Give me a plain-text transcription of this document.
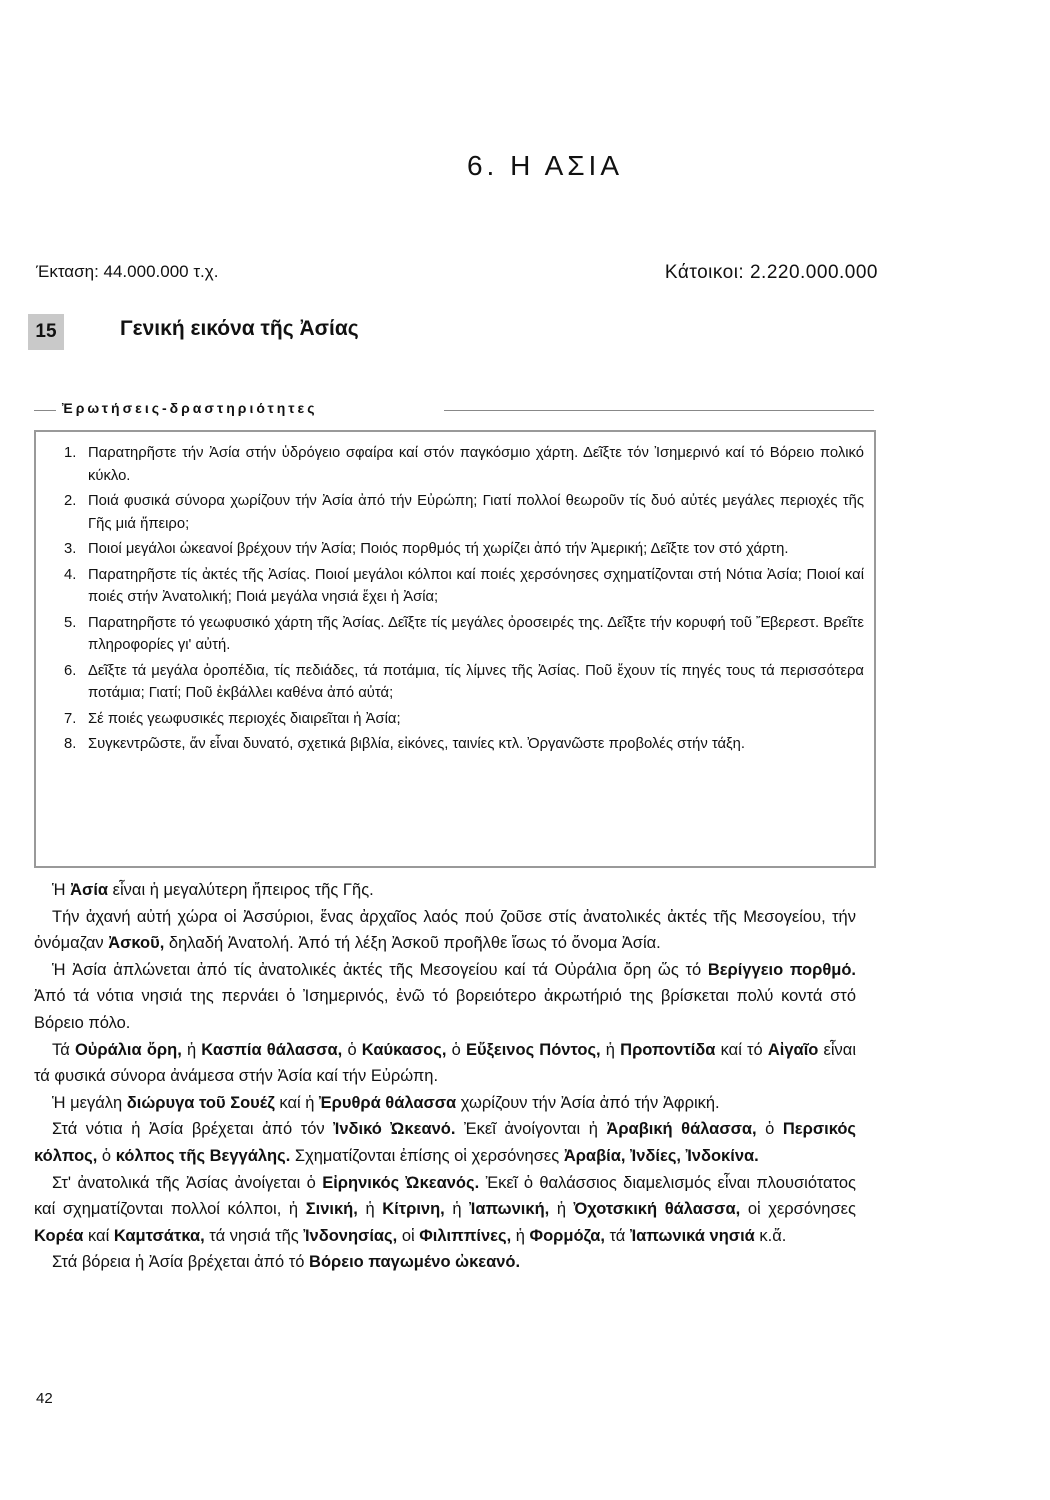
6. Η ΑΣΙΑ
Έκταση: 44.000.000 τ.χ.	Κάτοικοι: 2.220.000.000
15	Γενική εικόνα τῆς Ἀσίας
Ἐρωτήσεις-δραστηριότητες
1. Παρατηρῆστε τήν Ἀσία στήν ὑδρόγειο σφαίρα καί στόν παγκόσμιο χάρτη. Δεῖξτε τόν Ἰσημερινό καί τό Βόρειο πολικό κύκλο.
2. Ποιά φυσικά σύνορα χωρίζουν τήν Ἀσία ἀπό τήν Εὐρώπη; Γιατί πολλοί θεωροῦν τίς δυό αὐτές μεγάλες περιοχές τῆς Γῆς μιά ἤπειρο;
3. Ποιοί μεγάλοι ὠκεανοί βρέχουν τήν Ἀσία; Ποιός πορθμός τή χωρίζει ἀπό τήν Ἀμερική; Δεῖξτε τον στό χάρτη.
4. Παρατηρῆστε τίς ἀκτές τῆς Ἀσίας. Ποιοί μεγάλοι κόλποι καί ποιές χερσόνησες σχηματίζονται στή Νότια Ἀσία; Ποιοί καί ποιές στήν Ἀνατολική; Ποιά μεγάλα νησιά ἔχει ἡ Ἀσία;
5. Παρατηρῆστε τό γεωφυσικό χάρτη τῆς Ἀσίας. Δεῖξτε τίς μεγάλες ὀροσειρές της. Δεῖξτε τήν κορυφή τοῦ Ἔβερεστ. Βρεῖτε πληροφορίες γι' αὐτή.
6. Δεῖξτε τά μεγάλα ὀροπέδια, τίς πεδιάδες, τά ποτάμια, τίς λίμνες τῆς Ἀσίας. Ποῦ ἔχουν τίς πηγές τους τά περισσότερα ποτάμια; Γιατί; Ποῦ ἐκβάλλει καθένα ἀπό αὐτά;
7. Σέ ποιές γεωφυσικές περιοχές διαιρεῖται ἡ Ἀσία;
8. Συγκεντρῶστε, ἄν εἶναι δυνατό, σχετικά βιβλία, εἰκόνες, ταινίες κτλ. Ὀργανῶστε προβολές στήν τάξη.

Ἡ Ἀσία εἶναι ἡ μεγαλύτερη ἤπειρος τῆς Γῆς.

Τήν ἀχανή αὐτή χώρα οἱ Ἀσσύριοι, ἕνας ἀρχαῖος λαός πού ζοῦσε στίς ἀνατολικές ἀκτές τῆς Μεσογείου, τήν ὀνόμαζαν Ἀσκοῦ, δηλαδή Ἀνατολή. Ἀπό τή λέξη Ἀσκοῦ προῆλθε ἴσως τό ὄνομα Ἀσία.

Ἡ Ἀσία ἁπλώνεται ἀπό τίς ἀνατολικές ἀκτές τῆς Μεσογείου καί τά Οὐράλια ὄρη ὥς τό Βερίγγειο πορθμό. Ἀπό τά νότια νησιά της περνάει ὁ Ἰσημερινός, ἐνῶ τό βορειότερο ἀκρωτήριό της βρίσκεται πολύ κοντά στό Βόρειο πόλο.

Τά Οὐράλια ὄρη, ἡ Κασπία θάλασσα, ὁ Καύκασος, ὁ Εὔξεινος Πόντος, ἡ Προποντίδα καί τό Αἰγαῖο εἶναι τά φυσικά σύνορα ἀνάμεσα στήν Ἀσία καί τήν Εὐρώπη.

Ἡ μεγάλη διώρυγα τοῦ Σουέζ καί ἡ Ἐρυθρά θάλασσα χωρίζουν τήν Ἀσία ἀπό τήν Ἀφρική.

Στά νότια ἡ Ἀσία βρέχεται ἀπό τόν Ἰνδικό Ὠκεανό. Ἐκεῖ ἀνοίγονται ἡ Ἀραβική θάλασσα, ὁ Περσικός κόλπος, ὁ κόλπος τῆς Βεγγάλης. Σχηματίζονται ἐπίσης οἱ χερσόνησες Ἀραβία, Ἰνδίες, Ἰνδοκίνα.

Στ' ἀνατολικά τῆς Ἀσίας ἀνοίγεται ὁ Εἰρηνικός Ὠκεανός. Ἐκεῖ ὁ θαλάσσιος διαμελισμός εἶναι πλουσιότατος καί σχηματίζονται πολλοί κόλποι, ἡ Σινική, ἡ Κίτρινη, ἡ Ἰαπωνική, ἡ Ὀχοτσκική θάλασσα, οἱ χερσόνησες Κορέα καί Καμτσάτκα, τά νησιά τῆς Ἰνδονησίας, οἱ Φιλιππίνες, ἡ Φορμόζα, τά Ἰαπωνικά νησιά κ.ἄ.

Στά βόρεια ἡ Ἀσία βρέχεται ἀπό τό Βόρειο παγωμένο ὠκεανό.

42
